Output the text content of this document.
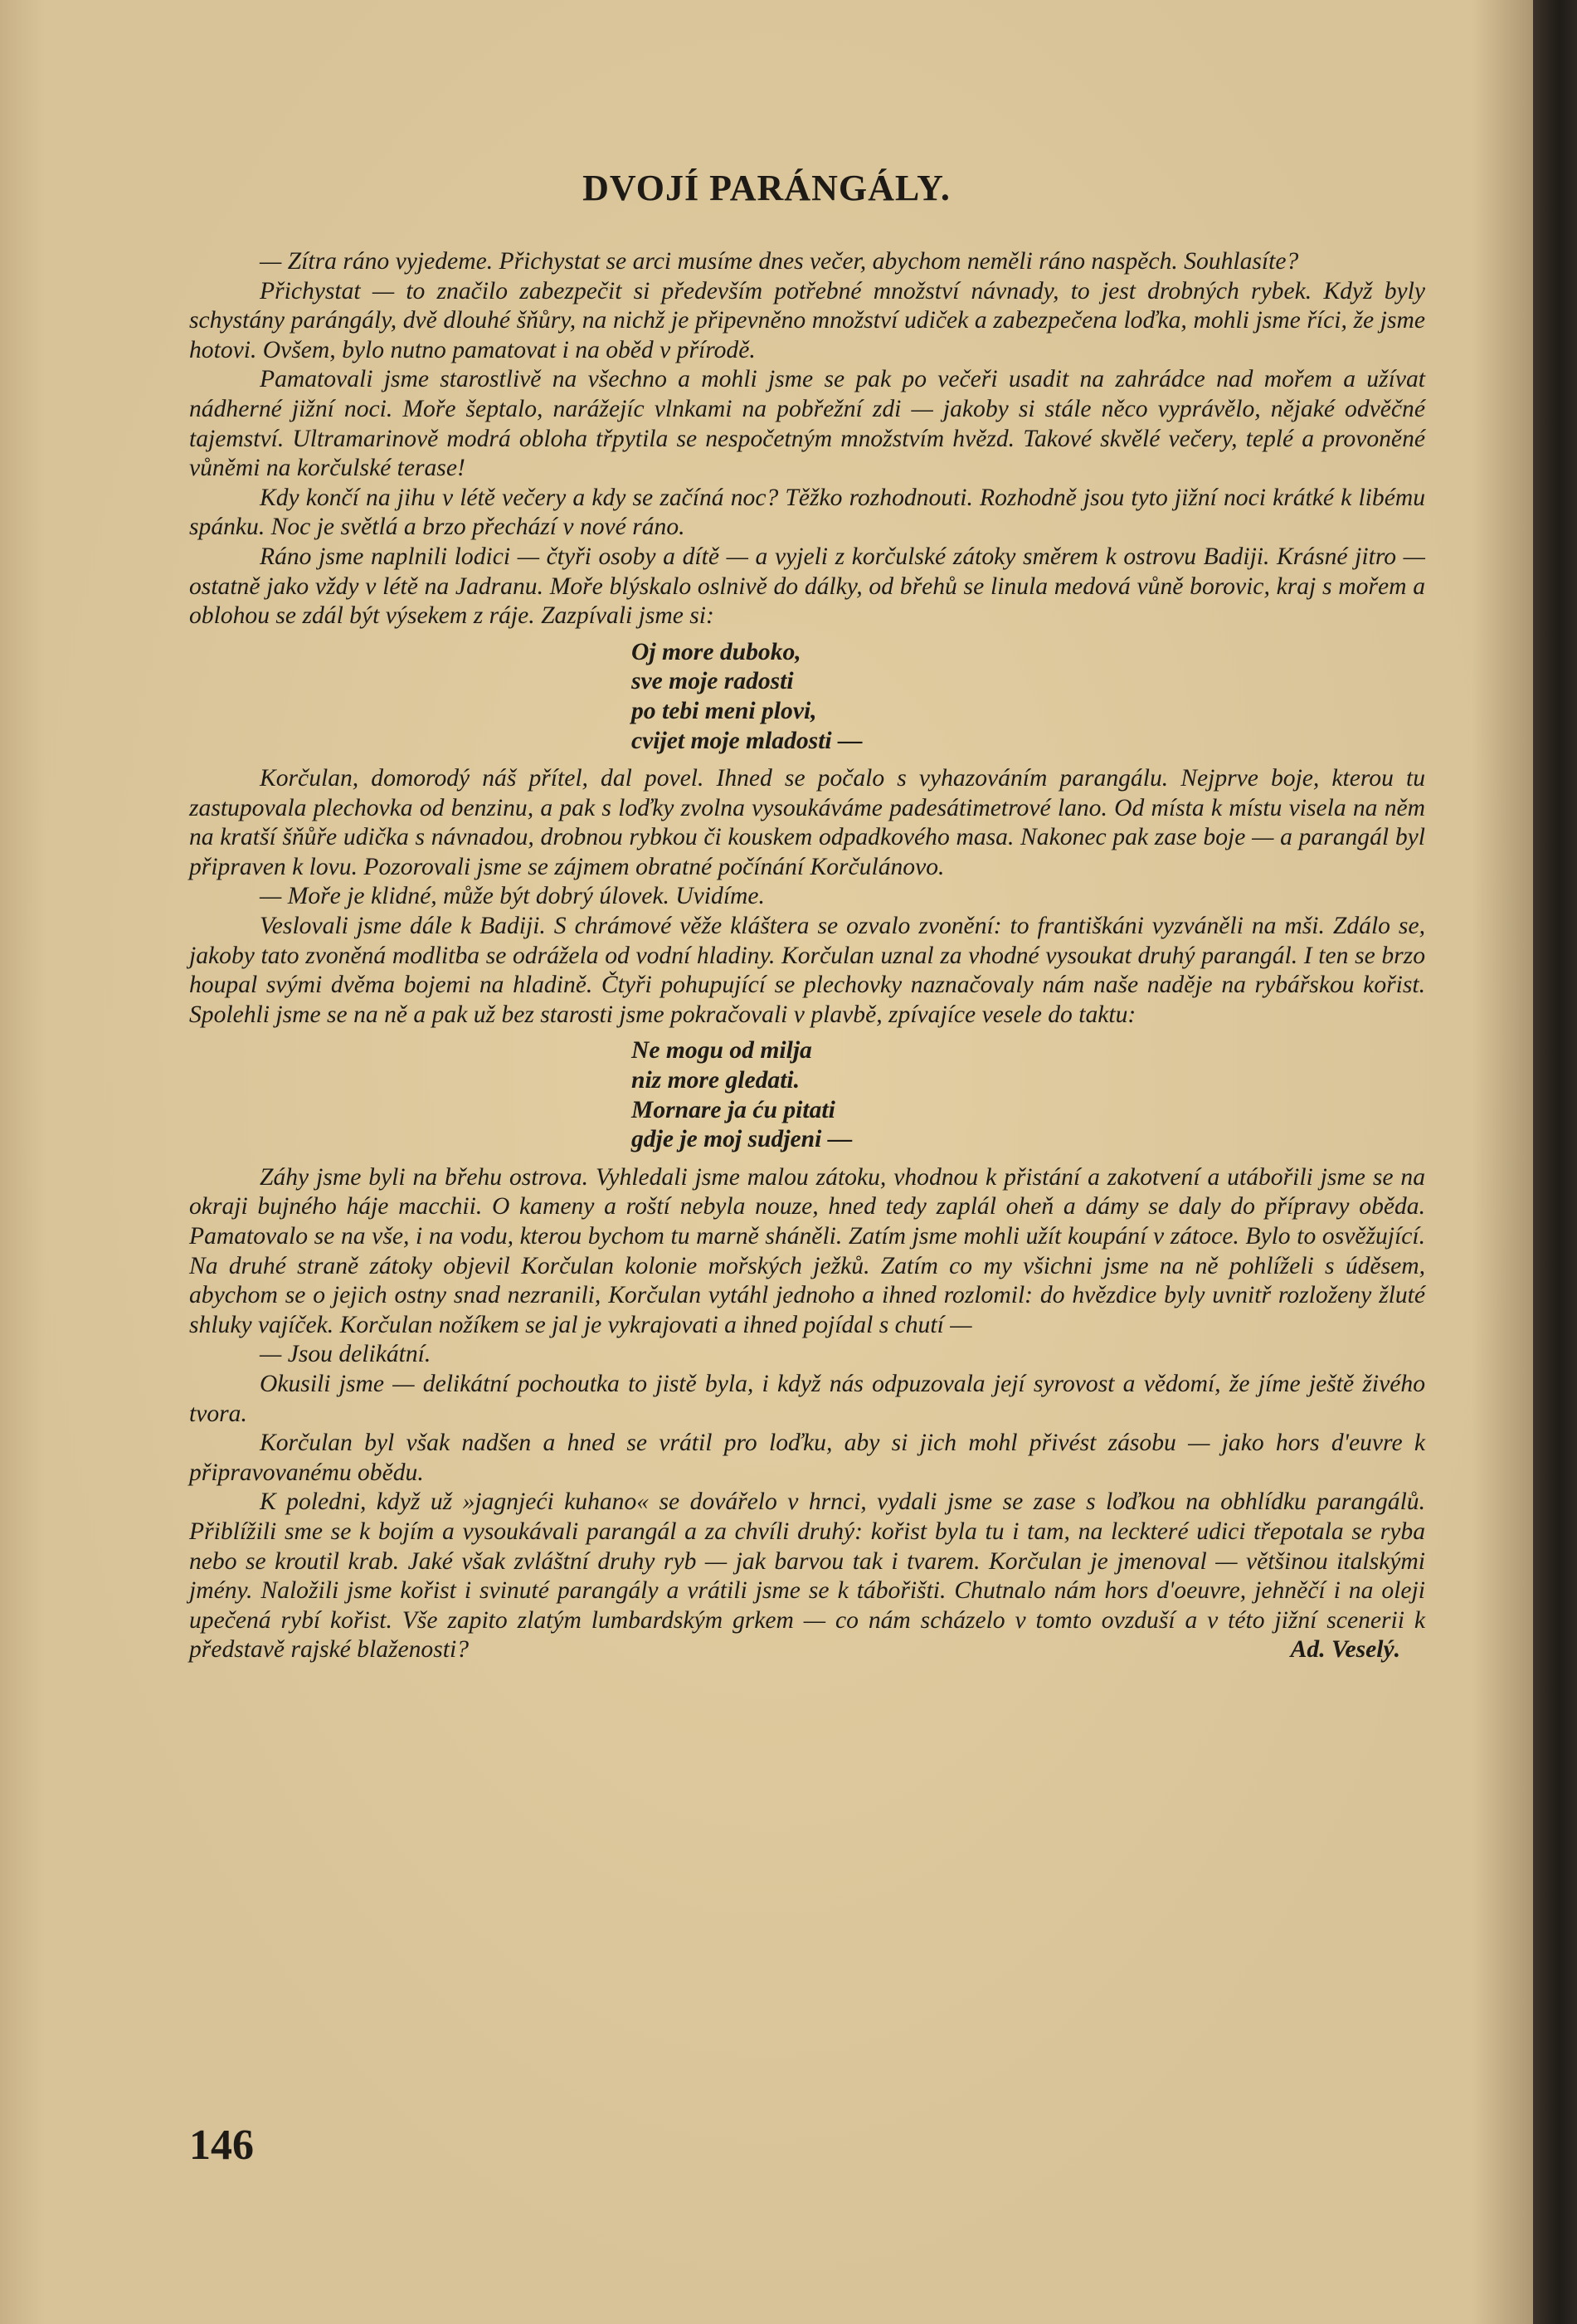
DVOJÍ PARÁNGÁLY.

— Zítra ráno vyjedeme. Přichystat se arci musíme dnes večer, abychom neměli ráno naspěch. Souhlasíte?

Přichystat — to značilo zabezpečit si především potřebné množství návnady, to jest drobných rybek. Když byly schystány parángály, dvě dlouhé šňůry, na nichž je připevněno množství udiček a zabezpečena loďka, mohli jsme říci, že jsme hotovi. Ovšem, bylo nutno pamatovat i na oběd v přírodě.

Pamatovali jsme starostlivě na všechno a mohli jsme se pak po večeři usadit na zahrádce nad mořem a užívat nádherné jižní noci. Moře šeptalo, narážejíc vlnkami na pobřežní zdi — jakoby si stále něco vyprávělo, nějaké odvěčné tajemství. Ultramarinově modrá obloha třpytila se nespočetným množstvím hvězd. Takové skvělé večery, teplé a provoněné vůněmi na korčulské terase!

Kdy končí na jihu v létě večery a kdy se začíná noc? Těžko rozhodnouti. Rozhodně jsou tyto jižní noci krátké k libému spánku. Noc je světlá a brzo přechází v nové ráno.

Ráno jsme naplnili lodici — čtyři osoby a dítě — a vyjeli z korčulské zátoky směrem k ostrovu Badiji. Krásné jitro — ostatně jako vždy v létě na Jadranu. Moře blýskalo oslnivě do dálky, od břehů se linula medová vůně borovic, kraj s mořem a oblohou se zdál být výsekem z ráje. Zazpívali jsme si:

Oj more duboko,
sve moje radosti
po tebi meni plovi,
cvijet moje mladosti —

Korčulan, domorodý náš přítel, dal povel. Ihned se počalo s vyhazováním parangálu. Nejprve boje, kterou tu zastupovala plechovka od benzinu, a pak s loďky zvolna vysoukáváme padesátimetrové lano. Od místa k místu visela na něm na kratší šňůře udička s návnadou, drobnou rybkou či kouskem odpadkového masa. Nakonec pak zase boje — a parangál byl připraven k lovu. Pozorovali jsme se zájmem obratné počínání Korčulánovo.

— Moře je klidné, může být dobrý úlovek. Uvidíme.

Veslovali jsme dále k Badiji. S chrámové věže kláštera se ozvalo zvonění: to františkáni vyzváněli na mši. Zdálo se, jakoby tato zvoněná modlitba se odrážela od vodní hladiny. Korčulan uznal za vhodné vysoukat druhý parangál. I ten se brzo houpal svými dvěma bojemi na hladině. Čtyři pohupující se plechovky naznačovaly nám naše naděje na rybářskou kořist. Spolehli jsme se na ně a pak už bez starosti jsme pokračovali v plavbě, zpívajíce vesele do taktu:

Ne mogu od milja
niz more gledati.
Mornare ja ću pitati
gdje je moj sudjeni —

Záhy jsme byli na břehu ostrova. Vyhledali jsme malou zátoku, vhodnou k přistání a zakotvení a utábořili jsme se na okraji bujného háje macchii. O kameny a roští nebyla nouze, hned tedy zaplál oheň a dámy se daly do přípravy oběda. Pamatovalo se na vše, i na vodu, kterou bychom tu marně sháněli. Zatím jsme mohli užít koupání v zátoce. Bylo to osvěžující. Na druhé straně zátoky objevil Korčulan kolonie mořských ježků. Zatím co my všichni jsme na ně pohlíželi s úděsem, abychom se o jejich ostny snad nezranili, Korčulan vytáhl jednoho a ihned rozlomil: do hvězdice byly uvnitř rozloženy žluté shluky vajíček. Korčulan nožíkem se jal je vykrajovati a ihned pojídal s chutí —

— Jsou delikátní.

Okusili jsme — delikátní pochoutka to jistě byla, i když nás odpuzovala její syrovost a vědomí, že jíme ještě živého tvora.

Korčulan byl však nadšen a hned se vrátil pro loďku, aby si jich mohl přivést zásobu — jako hors d'euvre k připravovanému obědu.

K poledni, když už »jagnjeći kuhano« se dovářelo v hrnci, vydali jsme se zase s loďkou na obhlídku parangálů. Přiblížili sme se k bojím a vysoukávali parangál a za chvíli druhý: kořist byla tu i tam, na leckteré udici třepotala se ryba nebo se kroutil krab. Jaké však zvláštní druhy ryb — jak barvou tak i tvarem. Korčulan je jmenoval — většinou italskými jmény. Naložili jsme kořist i svinuté parangály a vrátili jsme se k tábořišti. Chutnalo nám hors d'oeuvre, jehněčí i na oleji upečená rybí kořist. Vše zapito zlatým lumbardským grkem — co nám scházelo v tomto ovzduší a v této jižní scenerii k představě rajské blaženosti?	Ad. Veselý.

146
